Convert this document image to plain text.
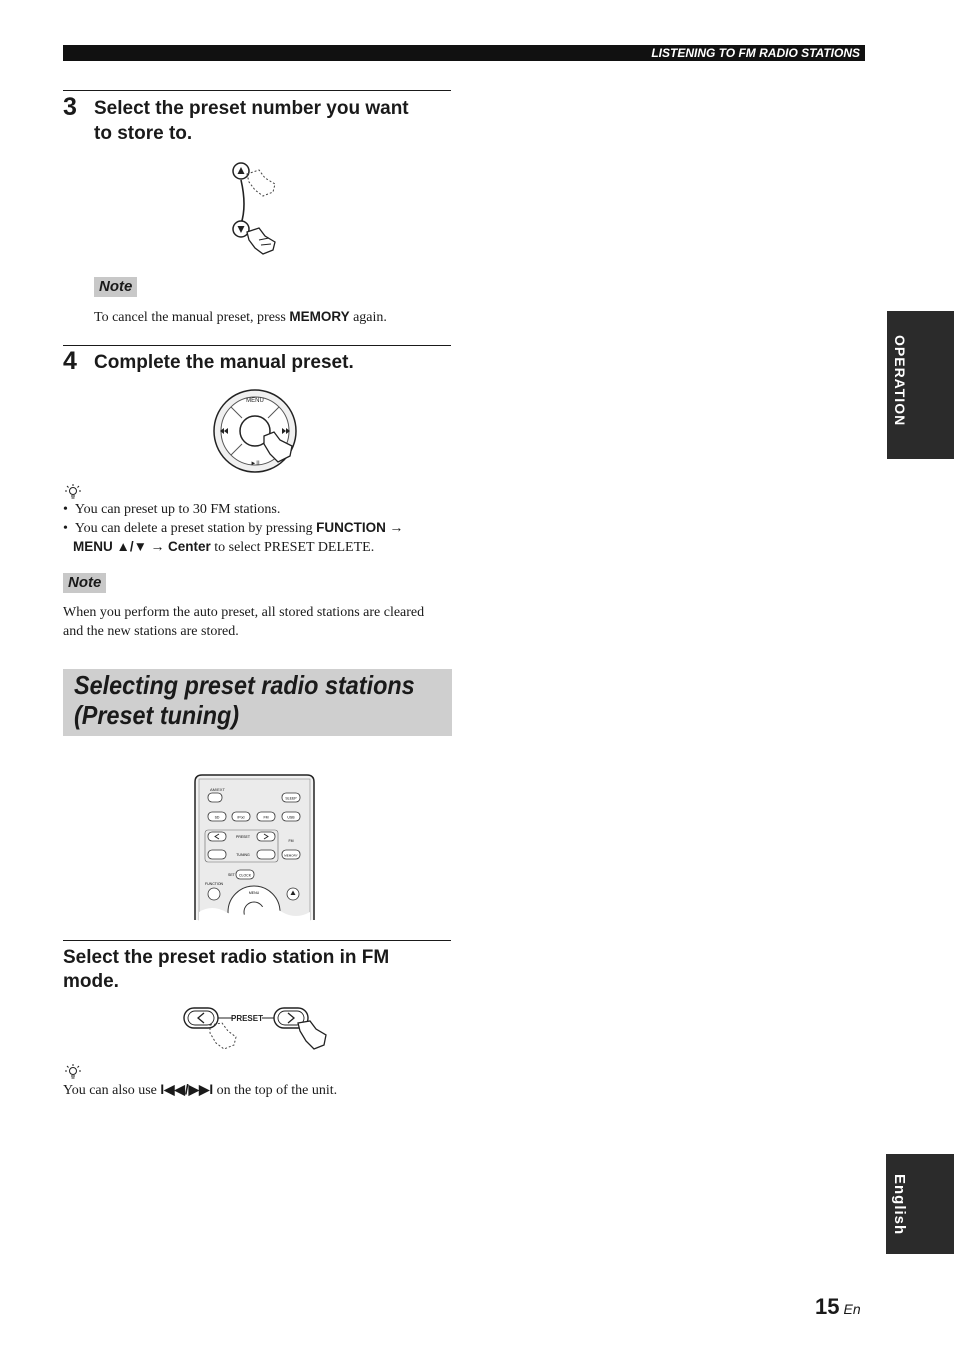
LISTENING TO FM RADIO STATIONS
3 Select the preset number you want
to store to.
Note
To cancel the manual preset, press MEMORY again.
4 Complete the manual preset.
MENU
►II
•  You can preset up to 30 FM stations.
•  You can delete a preset station by pressing FUNCTION →
MENU ▲/▼ → Center to select PRESET DELETE.
Note
When you perform the auto preset, all stored stations are cleared
and the new stations are stored.
Selecting preset radio stations
(Preset tuning)
AM/EXT
SLEEP
SD	iPod	FM	USB
PRESET
FM
TUNING	MEMORY
SET CLOCK
FUNCTION
MENU
Select the preset radio station in FM
mode.
PRESET
You can also use I◀◀/▶▶I on the top of the unit.
OPERATION
English
15 En
